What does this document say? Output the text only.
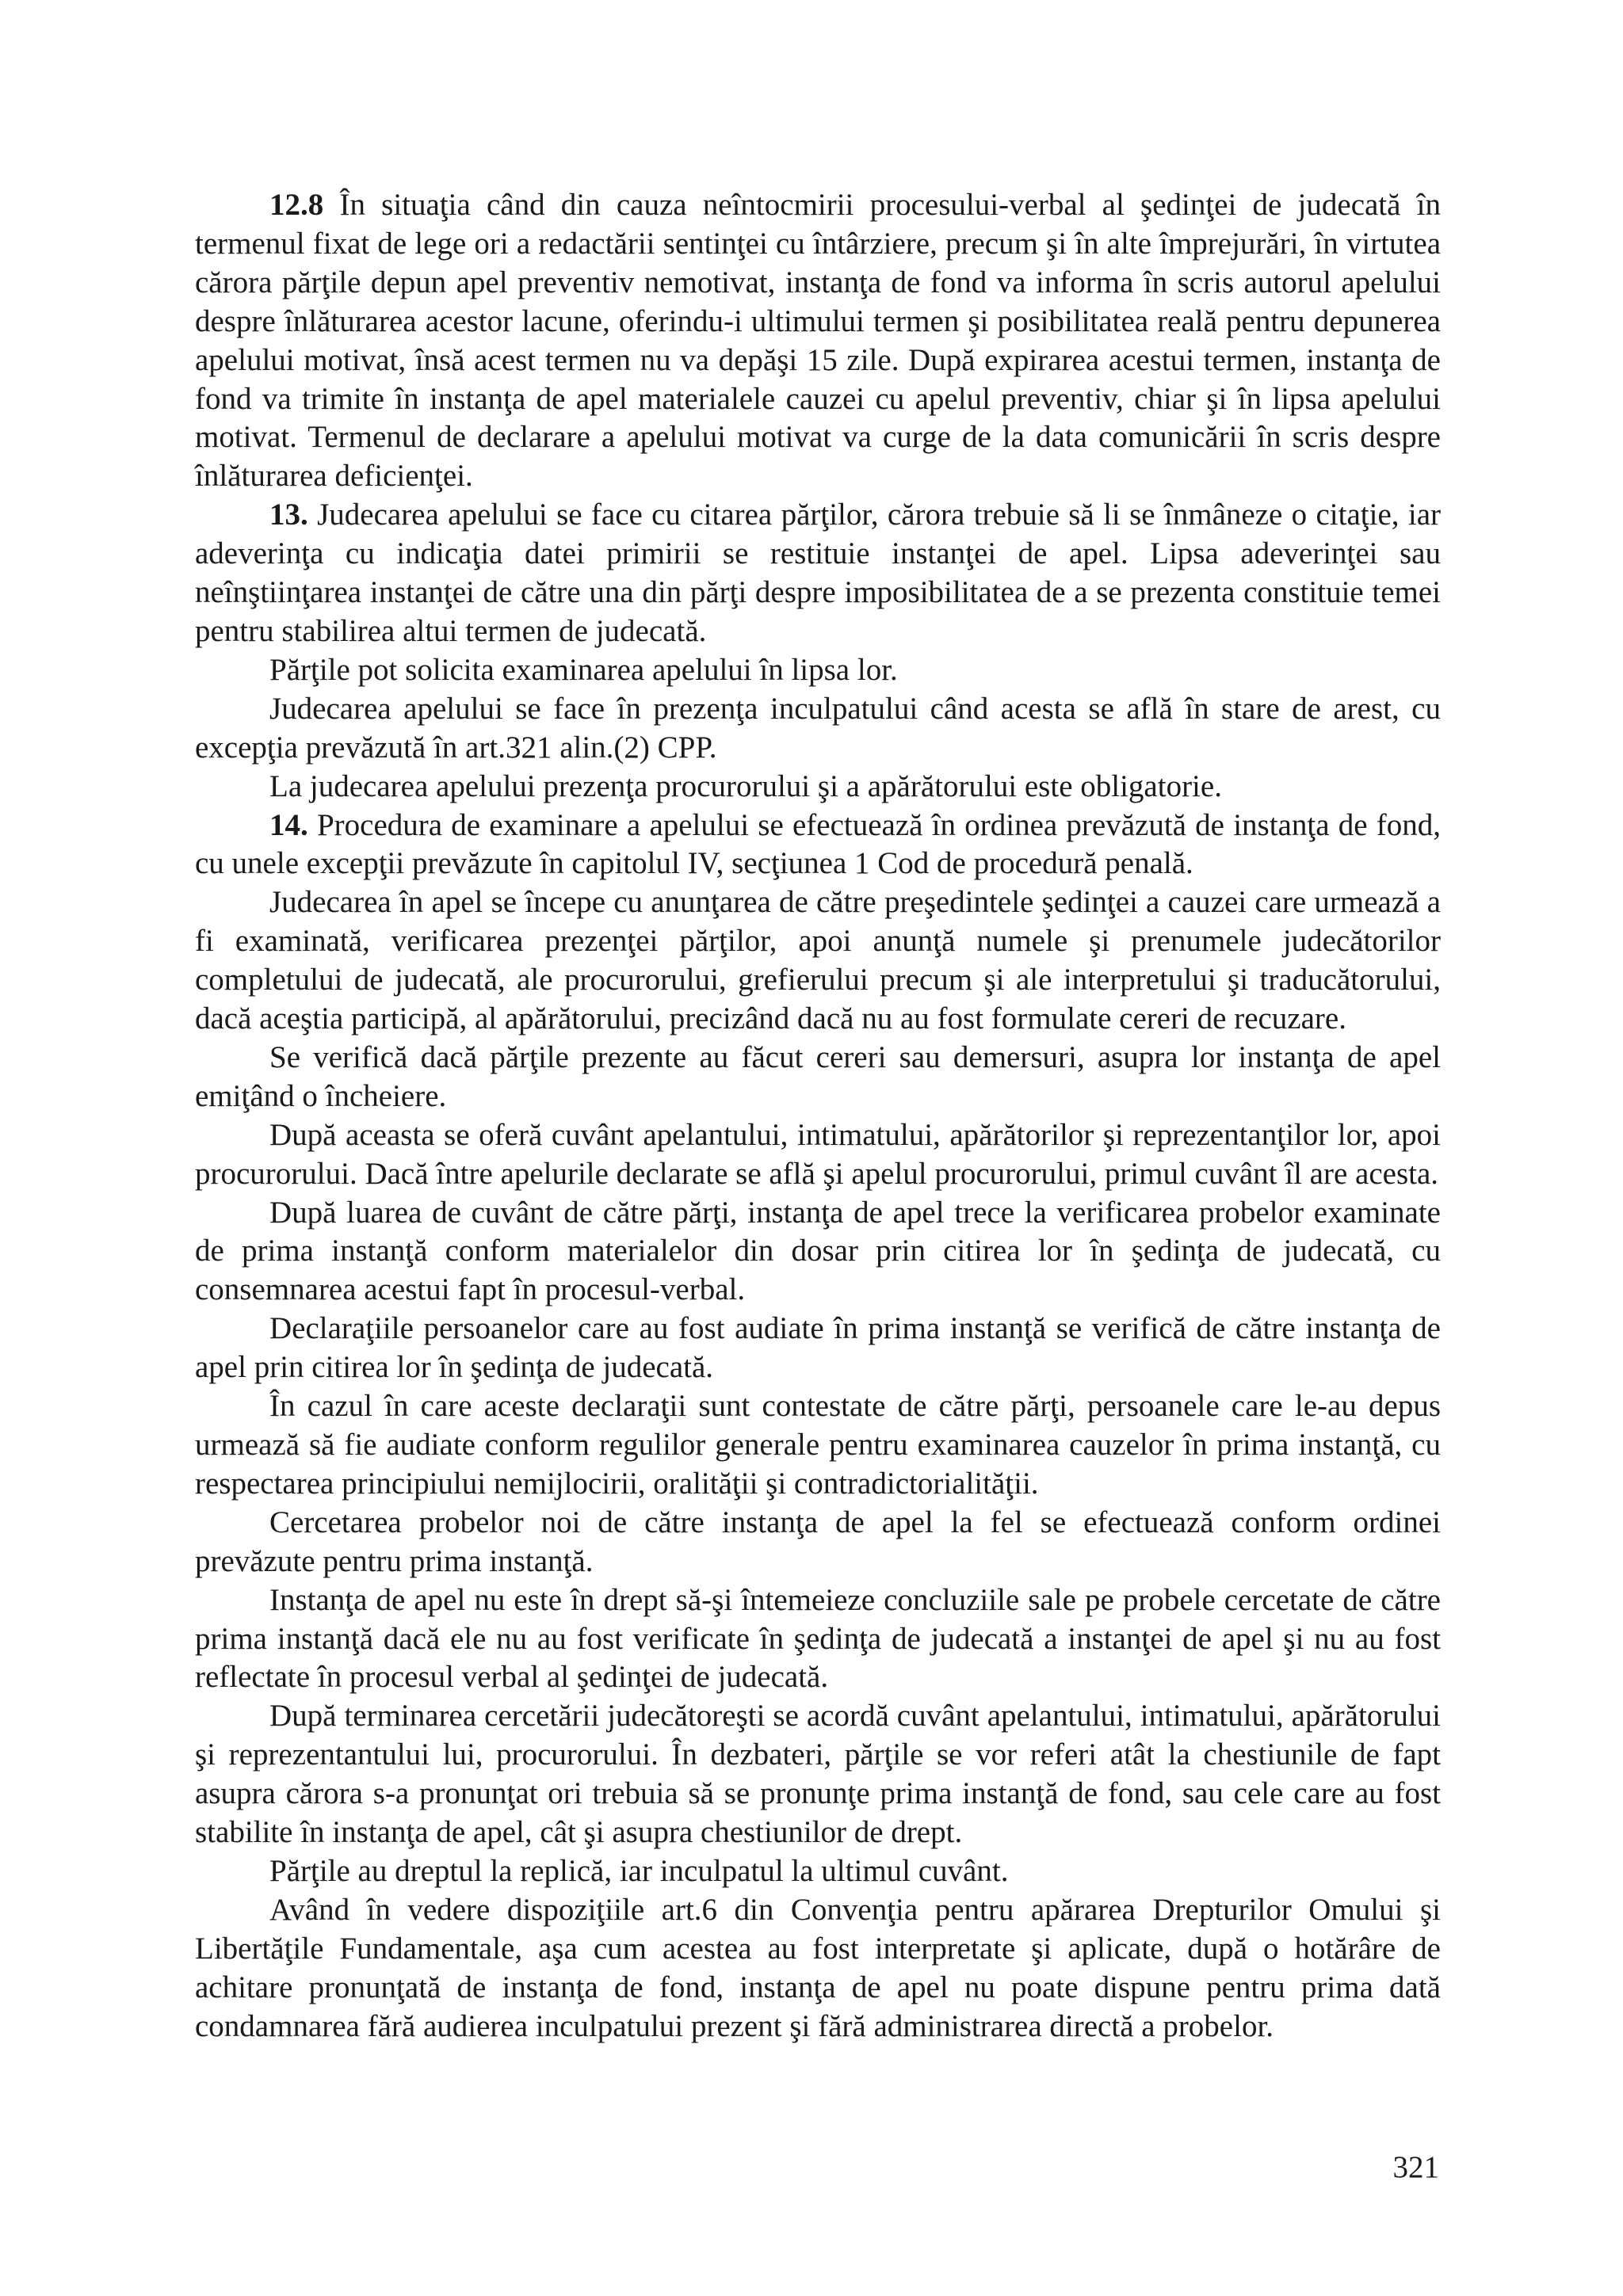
12.8 În situaţia când din cauza neîntocmirii procesului-verbal al şedinţei de judecată în termenul fixat de lege ori a redactării sentinţei cu întârziere, precum şi în alte împrejurări, în virtutea cărora părţile depun apel preventiv nemotivat, instanţa de fond va informa în scris autorul apelului despre înlăturarea acestor lacune, oferindu-i ultimului termen şi posibilitatea reală pentru depunerea apelului motivat, însă acest termen nu va depăşi 15 zile. După expirarea acestui termen, instanţa de fond va trimite în instanţa de apel materialele cauzei cu apelul preventiv, chiar şi în lipsa apelului motivat. Termenul de declarare a apelului motivat va curge de la data comunicării în scris despre înlăturarea deficienţei.

13. Judecarea apelului se face cu citarea părţilor, cărora trebuie să li se înmâneze o citaţie, iar adeverinţa cu indicaţia datei primirii se restituie instanţei de apel. Lipsa adeverinţei sau neînştiinţarea instanţei de către una din părţi despre imposibilitatea de a se prezenta constituie temei pentru stabilirea altui termen de judecată.

Părţile pot solicita examinarea apelului în lipsa lor.

Judecarea apelului se face în prezenţa inculpatului când acesta se află în stare de arest, cu excepţia prevăzută în art.321 alin.(2) CPP.

La judecarea apelului prezenţa procurorului şi a apărătorului este obligatorie.

14. Procedura de examinare a apelului se efectuează în ordinea prevăzută de instanţa de fond, cu unele excepţii prevăzute în capitolul IV, secţiunea 1 Cod de procedură penală.

Judecarea în apel se începe cu anunţarea de către preşedintele şedinţei a cauzei care urmează a fi examinată, verificarea prezenţei părţilor, apoi anunţă numele şi prenumele judecătorilor completului de judecată, ale procurorului, grefierului precum şi ale interpretului şi traducătorului, dacă aceştia participă, al apărătorului, precizând dacă nu au fost formulate cereri de recuzare.

Se verifică dacă părţile prezente au făcut cereri sau demersuri, asupra lor instanţa de apel emiţând o încheiere.

După aceasta se oferă cuvânt apelantului, intimatului, apărătorilor şi reprezentanţilor lor, apoi procurorului. Dacă între apelurile declarate se află şi apelul procurorului, primul cuvânt îl are acesta.

După luarea de cuvânt de către părţi, instanţa de apel trece la verificarea probelor examinate de prima instanţă conform materialelor din dosar prin citirea lor în şedinţa de judecată, cu consemnarea acestui fapt în procesul-verbal.

Declaraţiile persoanelor care au fost audiate în prima instanţă se verifică de către instanţa de apel prin citirea lor în şedinţa de judecată.

În cazul în care aceste declaraţii sunt contestate de către părţi, persoanele care le-au depus urmează să fie audiate conform regulilor generale pentru examinarea cauzelor în prima instanţă, cu respectarea principiului nemijlocirii, oralităţii şi contradictorialităţii.

Cercetarea probelor noi de către instanţa de apel la fel se efectuează conform ordinei prevăzute pentru prima instanţă.

Instanţa de apel nu este în drept să-şi întemeieze concluziile sale pe probele cercetate de către prima instanţă dacă ele nu au fost verificate în şedinţa de judecată a instanţei de apel şi nu au fost reflectate în procesul verbal al şedinţei de judecată.

După terminarea cercetării judecătoreşti se acordă cuvânt apelantului, intimatului, apărătorului şi reprezentantului lui, procurorului. În dezbateri, părţile se vor referi atât la chestiunile de fapt asupra cărora s-a pronunţat ori trebuia să se pronunţe prima instanţă de fond, sau cele care au fost stabilite în instanţa de apel, cât şi asupra chestiunilor de drept.

Părţile au dreptul la replică, iar inculpatul la ultimul cuvânt.

Având în vedere dispoziţiile art.6 din Convenţia pentru apărarea Drepturilor Omului şi Libertăţile Fundamentale, aşa cum acestea au fost interpretate şi aplicate, după o hotărâre de achitare pronunţată de instanţa de fond, instanţa de apel nu poate dispune pentru prima dată condamnarea fără audierea inculpatului prezent şi fără administrarea directă a probelor.

321
